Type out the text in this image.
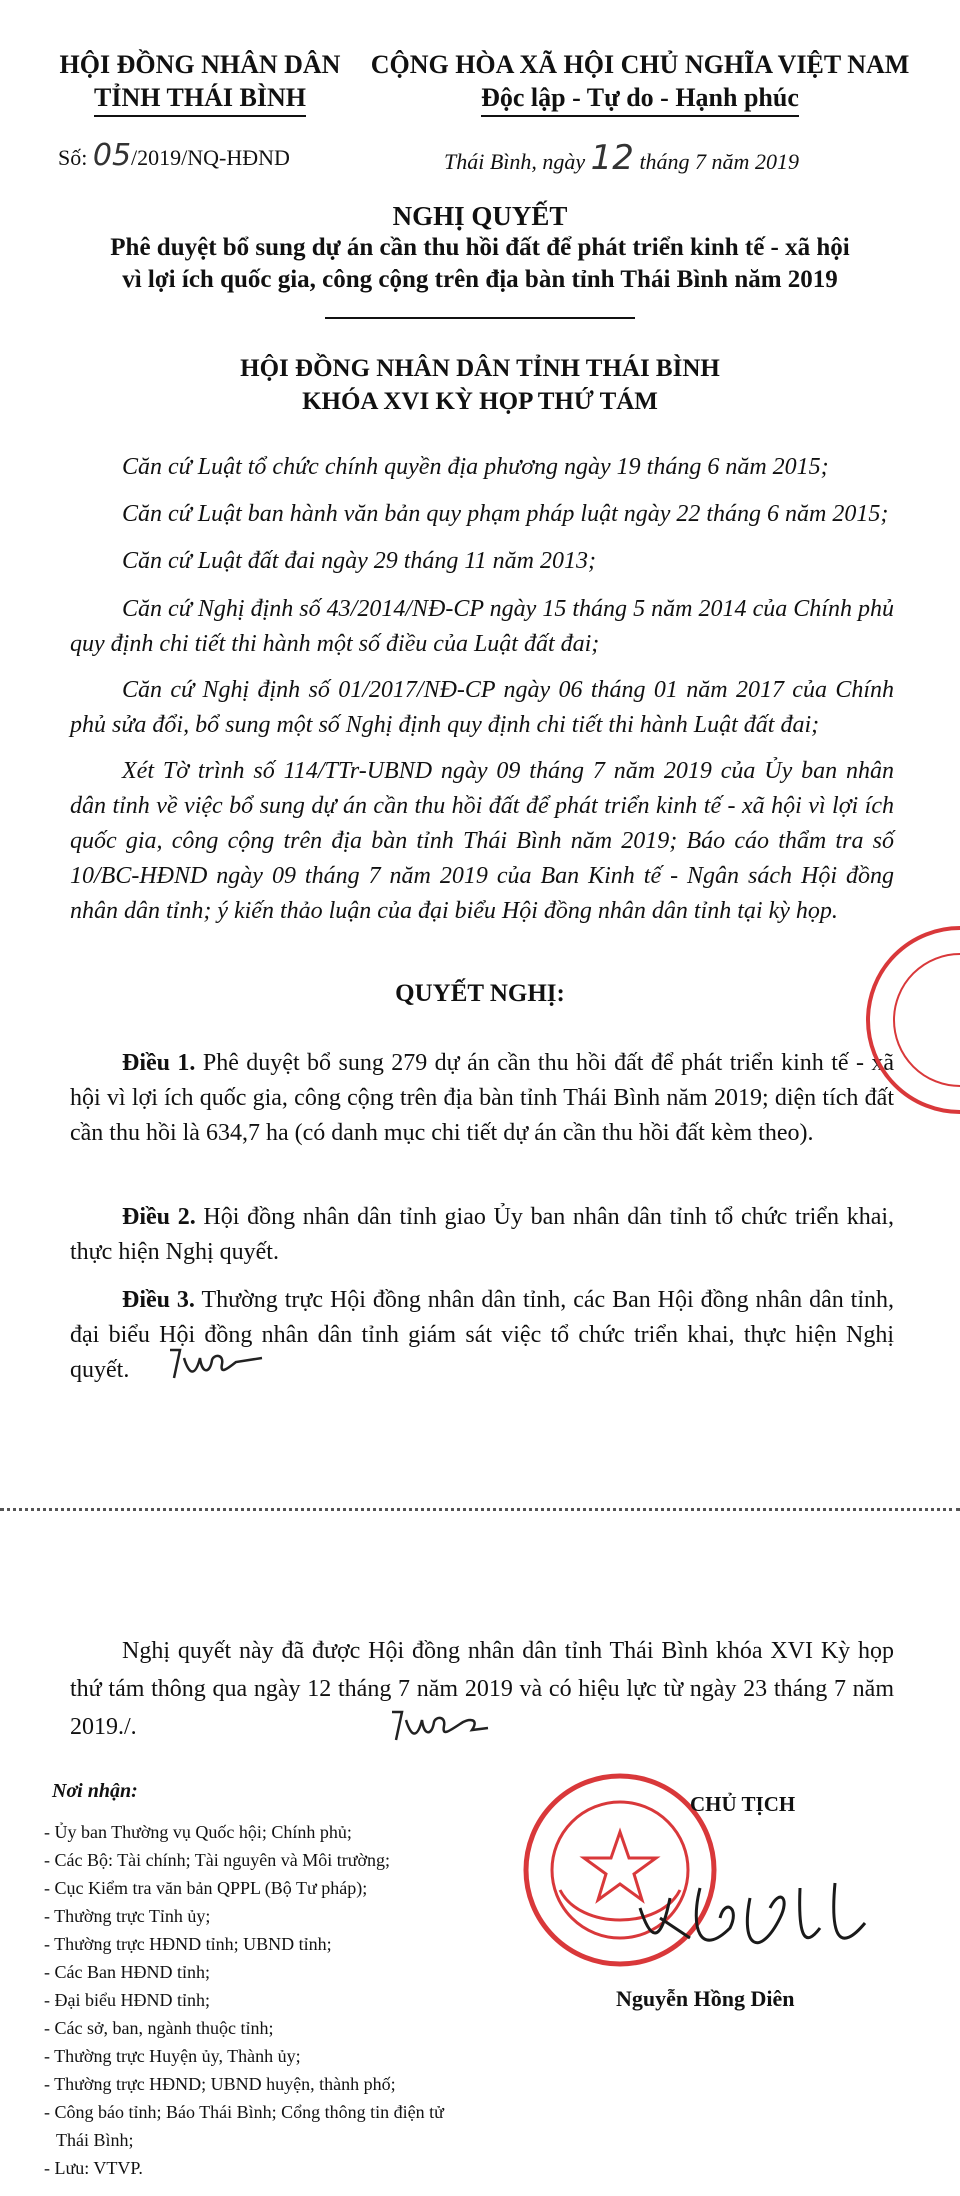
HỘI ĐỒNG NHÂN DÂN
TỈNH THÁI BÌNH
CỘNG HÒA XÃ HỘI CHỦ NGHĨA VIỆT NAM
Độc lập - Tự do - Hạnh phúc
Số: 05/2019/NQ-HĐND	Thái Bình, ngày 12 tháng 7 năm 2019
NGHỊ QUYẾT
Phê duyệt bổ sung dự án cần thu hồi đất để phát triển kinh tế - xã hội
vì lợi ích quốc gia, công cộng trên địa bàn tỉnh Thái Bình năm 2019
HỘI ĐỒNG NHÂN DÂN TỈNH THÁI BÌNH
KHÓA XVI KỲ HỌP THỨ TÁM
Căn cứ Luật tổ chức chính quyền địa phương ngày 19 tháng 6 năm 2015;
Căn cứ Luật ban hành văn bản quy phạm pháp luật ngày 22 tháng 6 năm 2015;
Căn cứ Luật đất đai ngày 29 tháng 11 năm 2013;
Căn cứ Nghị định số 43/2014/NĐ-CP ngày 15 tháng 5 năm 2014 của Chính phủ quy định chi tiết thi hành một số điều của Luật đất đai;
Căn cứ Nghị định số 01/2017/NĐ-CP ngày 06 tháng 01 năm 2017 của Chính phủ sửa đổi, bổ sung một số Nghị định quy định chi tiết thi hành Luật đất đai;
Xét Tờ trình số 114/TTr-UBND ngày 09 tháng 7 năm 2019 của Ủy ban nhân dân tỉnh về việc bổ sung dự án cần thu hồi đất để phát triển kinh tế - xã hội vì lợi ích quốc gia, công cộng trên địa bàn tỉnh Thái Bình năm 2019; Báo cáo thẩm tra số 10/BC-HĐND ngày 09 tháng 7 năm 2019 của Ban Kinh tế - Ngân sách Hội đồng nhân dân tỉnh; ý kiến thảo luận của đại biểu Hội đồng nhân dân tỉnh tại kỳ họp.
QUYẾT NGHỊ:
Điều 1. Phê duyệt bổ sung 279 dự án cần thu hồi đất để phát triển kinh tế - xã hội vì lợi ích quốc gia, công cộng trên địa bàn tỉnh Thái Bình năm 2019; diện tích đất cần thu hồi là 634,7 ha (có danh mục chi tiết dự án cần thu hồi đất kèm theo).
Điều 2. Hội đồng nhân dân tỉnh giao Ủy ban nhân dân tỉnh tổ chức triển khai, thực hiện Nghị quyết.
Điều 3. Thường trực Hội đồng nhân dân tỉnh, các Ban Hội đồng nhân dân tỉnh, đại biểu Hội đồng nhân dân tỉnh giám sát việc tổ chức triển khai, thực hiện Nghị quyết.
Nghị quyết này đã được Hội đồng nhân dân tỉnh Thái Bình khóa XVI Kỳ họp thứ tám thông qua ngày 12 tháng 7 năm 2019 và có hiệu lực từ ngày 23 tháng 7 năm 2019./.
Nơi nhận:
- Ủy ban Thường vụ Quốc hội; Chính phủ;
- Các Bộ: Tài chính; Tài nguyên và Môi trường;
- Cục Kiểm tra văn bản QPPL (Bộ Tư pháp);
- Thường trực Tỉnh ủy;
- Thường trực HĐND tỉnh; UBND tỉnh;
- Các Ban HĐND tỉnh;
- Đại biểu HĐND tỉnh;
- Các sở, ban, ngành thuộc tỉnh;
- Thường trực Huyện ủy, Thành ủy;
- Thường trực HĐND; UBND huyện, thành phố;
- Công báo tỉnh; Báo Thái Bình; Cổng thông tin điện tử
Thái Bình;
- Lưu: VTVP.
CHỦ TỊCH
Nguyễn Hồng Diên
